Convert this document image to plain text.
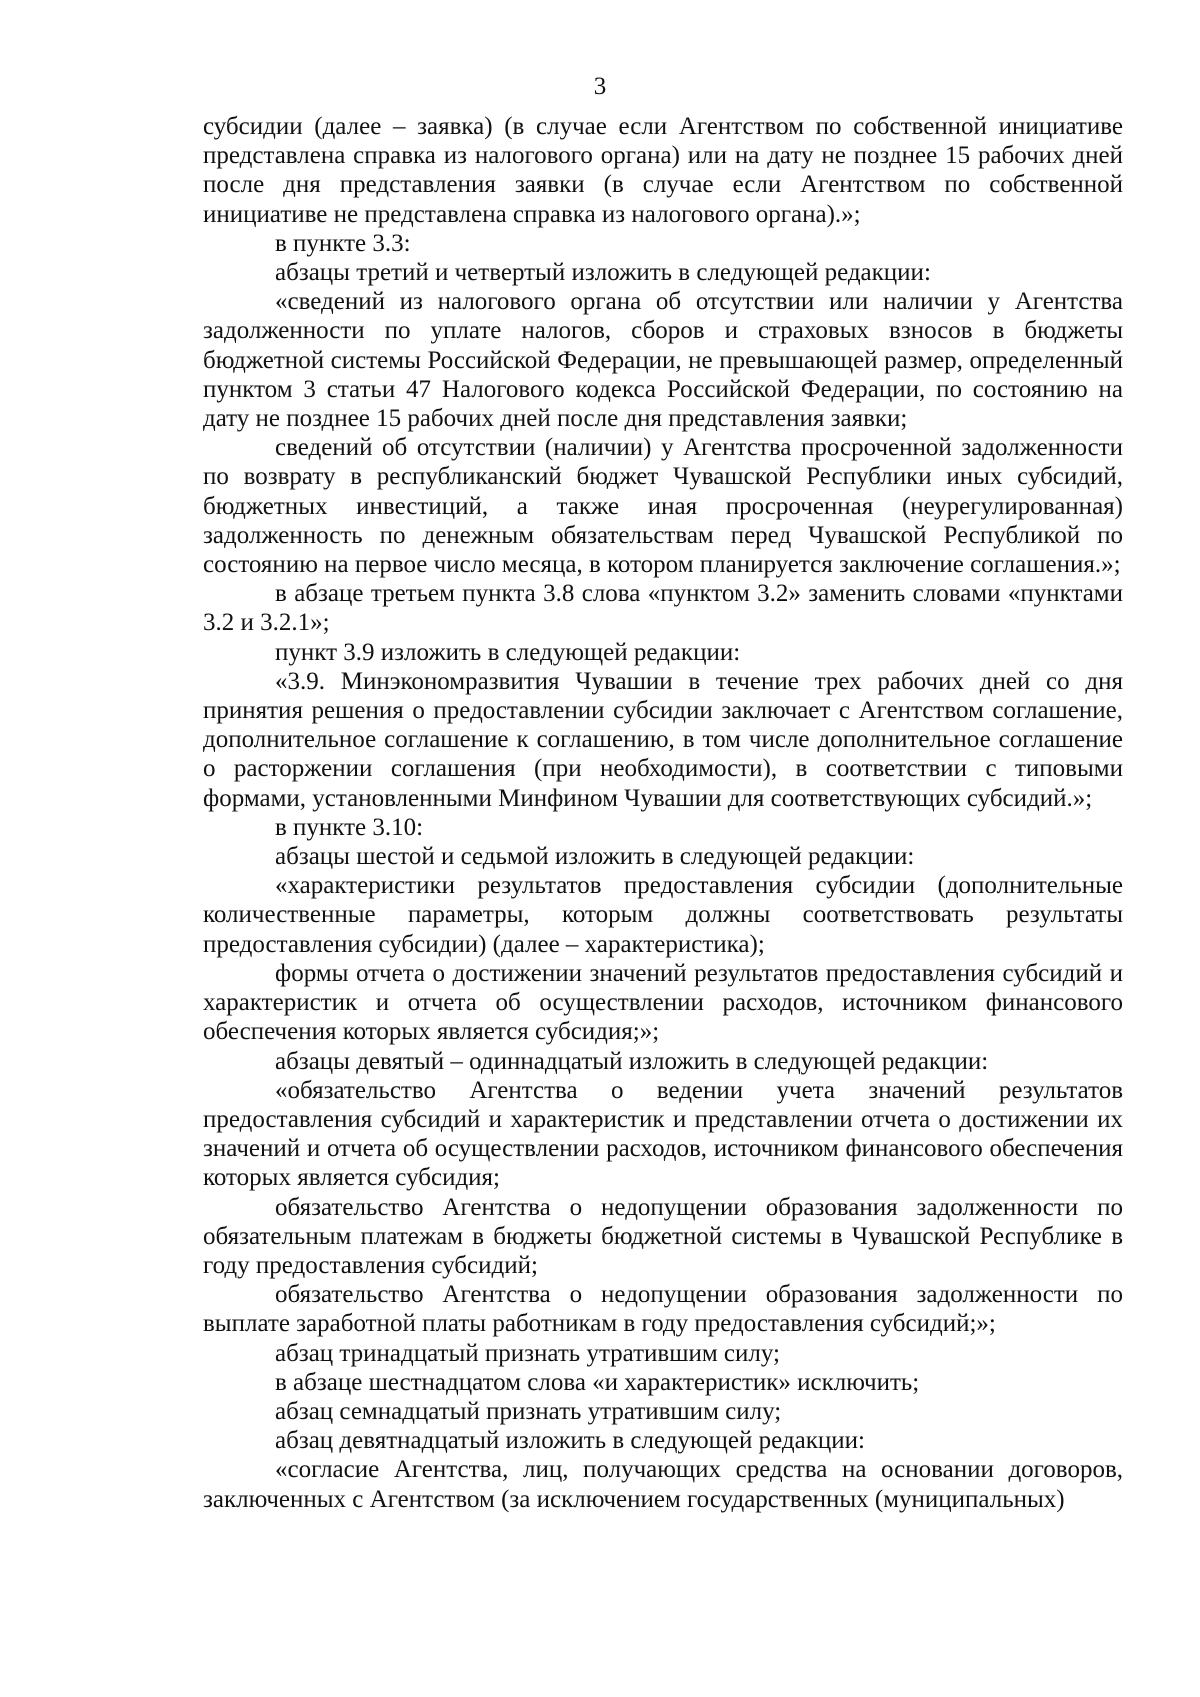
3

субсидии (далее – заявка) (в случае если Агентством по собственной инициативе представлена справка из налогового органа) или на дату не позднее 15 рабочих дней после дня представления заявки (в случае если Агентством по собственной инициативе не представлена справка из налогового органа).»;

в пункте 3.3:

абзацы третий и четвертый изложить в следующей редакции:

«сведений из налогового органа об отсутствии или наличии у Агентства задолженности по уплате налогов, сборов и страховых взносов в бюджеты бюджетной системы Российской Федерации, не превышающей размер, определенный пунктом 3 статьи 47 Налогового кодекса Российской Федерации, по состоянию на дату не позднее 15 рабочих дней после дня представления заявки;

сведений об отсутствии (наличии) у Агентства просроченной задолженности по возврату в республиканский бюджет Чувашской Республики иных субсидий, бюджетных инвестиций, а также иная просроченная (неурегулированная) задолженность по денежным обязательствам перед Чувашской Республикой по состоянию на первое число месяца, в котором планируется заключение соглашения.»;

в абзаце третьем пункта 3.8 слова «пунктом 3.2» заменить словами «пунктами 3.2 и 3.2.1»;

пункт 3.9 изложить в следующей редакции:

«3.9. Минэкономразвития Чувашии в течение трех рабочих дней со дня принятия решения о предоставлении субсидии заключает с Агентством соглашение, дополнительное соглашение к соглашению, в том числе дополнительное соглашение о расторжении соглашения (при необходимости), в соответствии с типовыми формами, установленными Минфином Чувашии для соответствующих субсидий.»;

в пункте 3.10:

абзацы шестой и седьмой изложить в следующей редакции:

«характеристики результатов предоставления субсидии (дополнительные количественные параметры, которым должны соответствовать результаты предоставления субсидии) (далее – характеристика);

формы отчета о достижении значений результатов предоставления субсидий и характеристик и отчета об осуществлении расходов, источником финансового обеспечения которых является субсидия;»;

абзацы девятый – одиннадцатый изложить в следующей редакции:

«обязательство Агентства о ведении учета значений результатов предоставления субсидий и характеристик и представлении отчета о достижении их значений и отчета об осуществлении расходов, источником финансового обеспечения которых является субсидия;

обязательство Агентства о недопущении образования задолженности по обязательным платежам в бюджеты бюджетной системы в Чувашской Республике в году предоставления субсидий;

обязательство Агентства о недопущении образования задолженности по выплате заработной платы работникам в году предоставления субсидий;»;

абзац тринадцатый признать утратившим силу;

в абзаце шестнадцатом слова «и характеристик» исключить;

абзац семнадцатый признать утратившим силу;

абзац девятнадцатый изложить в следующей редакции:

«согласие Агентства, лиц, получающих средства на основании договоров, заключенных с Агентством (за исключением государственных (муниципальных)
